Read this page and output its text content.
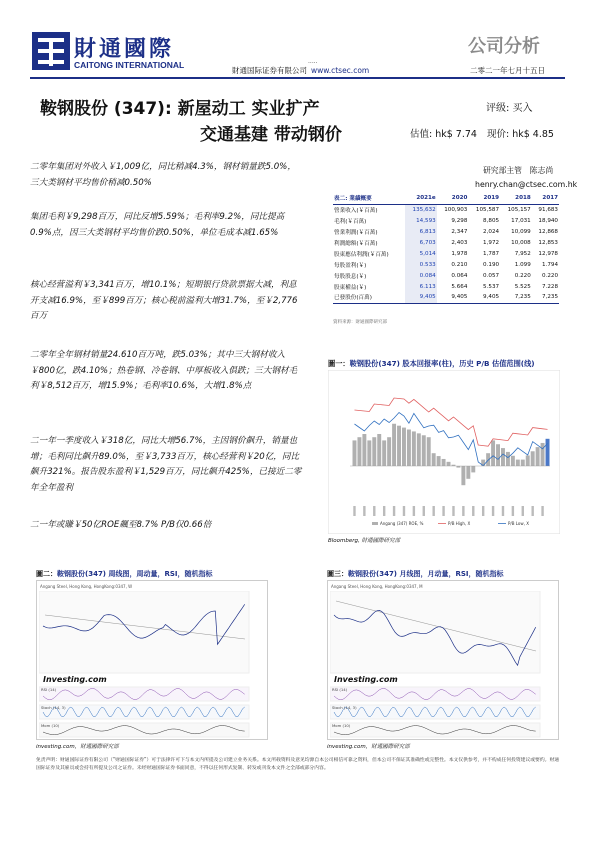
財通國際
CAITONG INTERNATIONAL	.....
公司分析
財通国际证券有限公司 www.ctsec.com	二零二一年七月十五日
鞍钢股份 (347): 新屋动工 实业扩产
交通基建 带动钢价
评级: 买入
估值: hk$ 7.74 现价: hk$ 4.85
二零年集团对外收入￥1,009亿，同比稍减4.3%，钢材销量跌5.0%，三大类钢材平均售价稍减0.50%
集团毛利￥9,298百万，同比反增5.59%；毛利率9.2%，同比提高0.9%点，因三大类钢材平均售价跌0.50%，单位毛成本减1.65%
核心经营溢利￥3,341百万，增10.1%；短期银行贷款票据大减，利息开支减16.9%，至￥899百万；核心税前溢利大增31.7%，至￥2,776百万
二零年全年钢材销量24.610百万吨，跌5.03%；其中三大钢材收入￥800亿，跌4.10%；热卷钢、冷卷钢、中厚板收入俱跌；三大钢材毛利￥8,512百万，增15.9%；毛利率10.6%，大增1.8%点
二一年一季度收入￥318亿，同比大增56.7%，主因钢价飙升，销量也增；毛利同比飙升89.0%，至￥3,733百万，核心经营利￥20亿，同比飙升321%。报告股东盈利￥1,529百万，同比飙升425%，已接近二零年全年盈利
二一年或賺￥50亿ROE飆至8.7% P/B仅0.66倍
研究部主管　陈志尚
henry.chan@ctsec.com.hk
表二: 業績概要	2021e	2020	2019	2018	2017
營業收入(￥百萬)	135,632	100,903	105,587	105,157	91,683
毛利(￥百萬)	14,593	9,298	8,805	17,031	18,940
營業利潤(￥百萬)	6,813	2,347	2,024	10,099	12,868
利潤總額(￥百萬)	6,703	2,403	1,972	10,008	12,853
股東應佔利潤(￥百萬)	5,014	1,978	1,787	7,952	12,978
每股盈利(￥)	0.533	0.210	0.190	1.099	1.794
每股股息(￥)	0.084	0.064	0.057	0.220	0.220
股東權益(￥)	6.113	5.664	5.537	5.525	7.228
已發股份(百萬)	9,405	9,405	9,405	7,235	7,235
資料來源：財通國際研究部
圖一：鞍钢股份(347) 股本回报率(柱)，历史 P/B 估值范围(线)
Angang (347) ROE, %	P/B High, X	P/B Low, X
Bloomberg, 財通國際研究部
圖二：鞍钢股份(347) 周线图，周动量，RSI，随机指标
Angang Steel, Hong Kong, HongKong:0347, W
Investing.com
RSI (14)
Stoch (14, 3)
Mom (10)
investing.com，財通國際研究部
圖三：鞍钢股份(347) 月线图，月动量，RSI，随机指标
Angang Steel, Hong Kong, HongKong:0347, M
Investing.com
RSI (14)
Stoch (14, 3)
Mom (10)
investing.com，財通國際研究部
免责声明：财通国际证券有限公司（“财通国际证券”）可于法律许可下与本文内所提及公司建立业务关系。本文所载资料及意见均源自本公司相信可靠之资料，但本公司不保证其准确性或完整性。本文仅供参考，并不构成任何投资建议或要约。财通国际证券及其雇员或会持有所提及公司之证券。未经财通国际证券书面同意，不得以任何形式复制、转发或刊发本文件之全部或部分内容。
